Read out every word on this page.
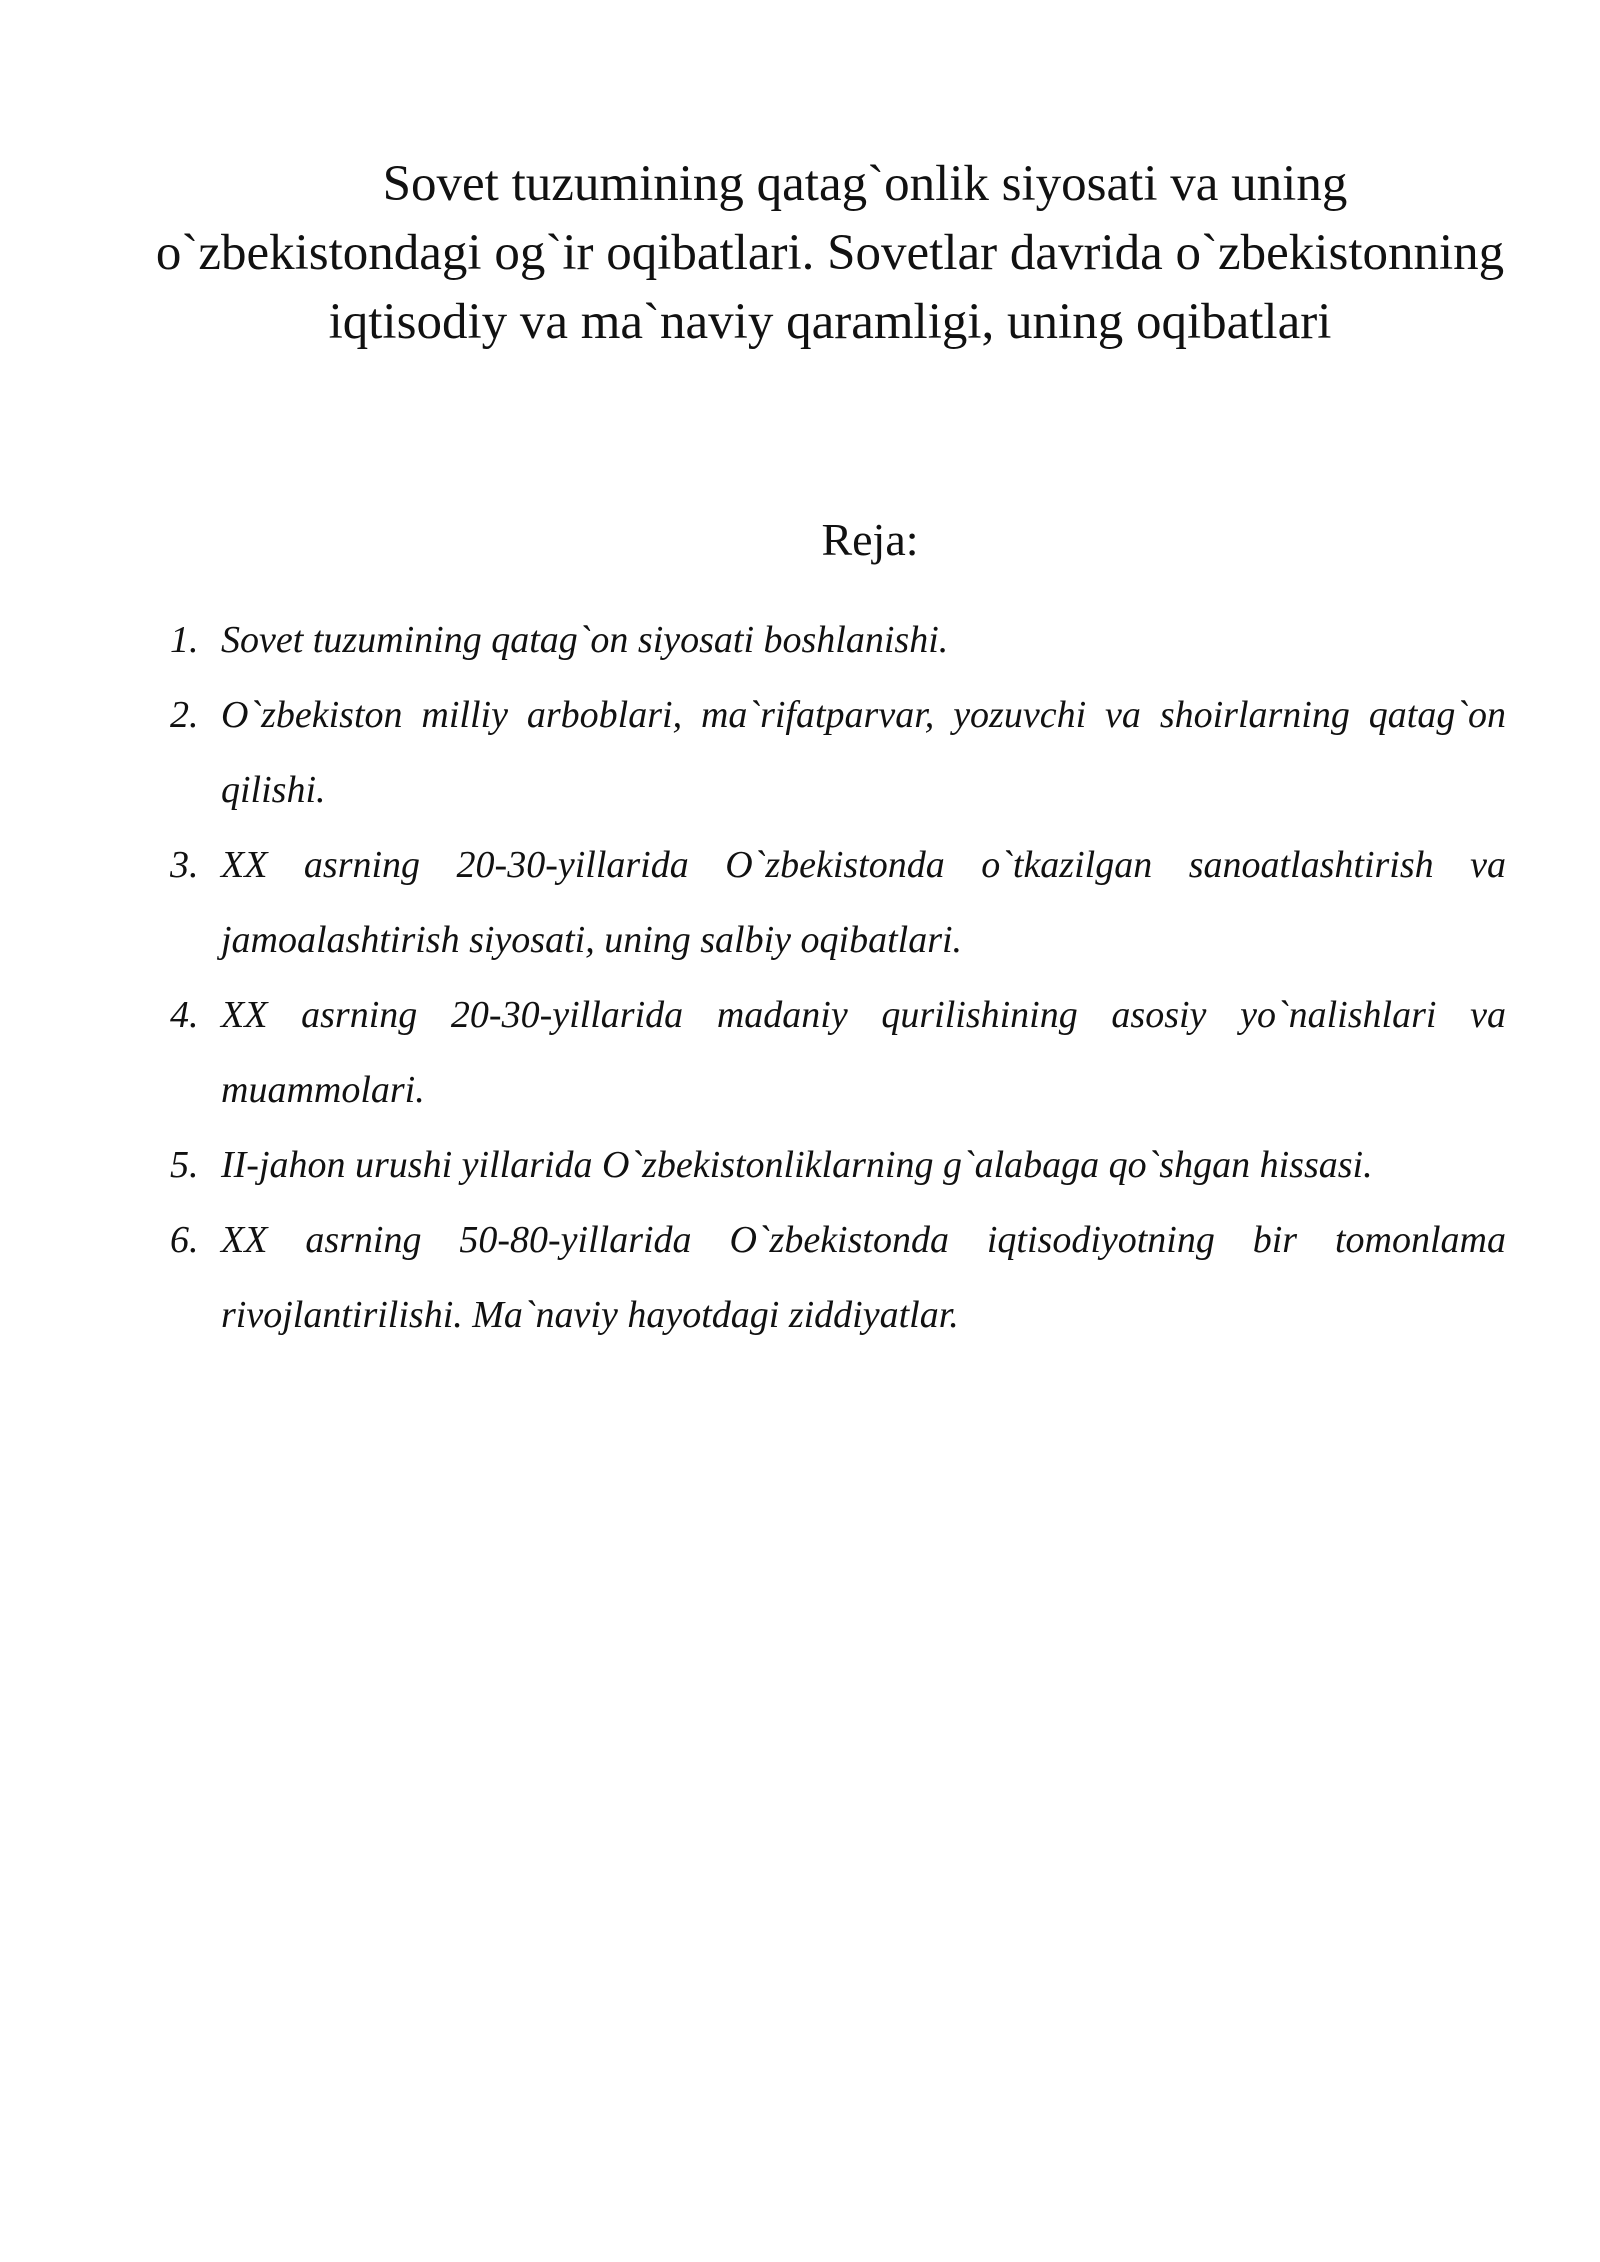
Sovet tuzumining qatag`onlik siyosati va uning o`zbekistondagi og`ir oqibatlari. Sovetlar davrida o`zbekistonning iqtisodiy va ma`naviy qaramligi, uning oqibatlari
Reja:
1. Sovet tuzumining qatag`on siyosati boshlanishi.
2. O`zbekiston milliy arboblari, ma`rifatparvar, yozuvchi va shoirlarning qatag`on qilishi.
3. XX asrning 20-30-yillarida O`zbekistonda o`tkazilgan sanoatlashtirish va jamoalashtirish siyosati, uning salbiy oqibatlari.
4. XX asrning 20-30-yillarida madaniy qurilishining asosiy yo`nalishlari va muammolari.
5. II-jahon urushi yillarida O`zbekistonliklarning g`alabaga qo`shgan hissasi.
6. XX asrning 50-80-yillarida O`zbekistonda iqtisodiyotning bir tomonlama rivojlantirilishi. Ma`naviy hayotdagi ziddiyatlar.
